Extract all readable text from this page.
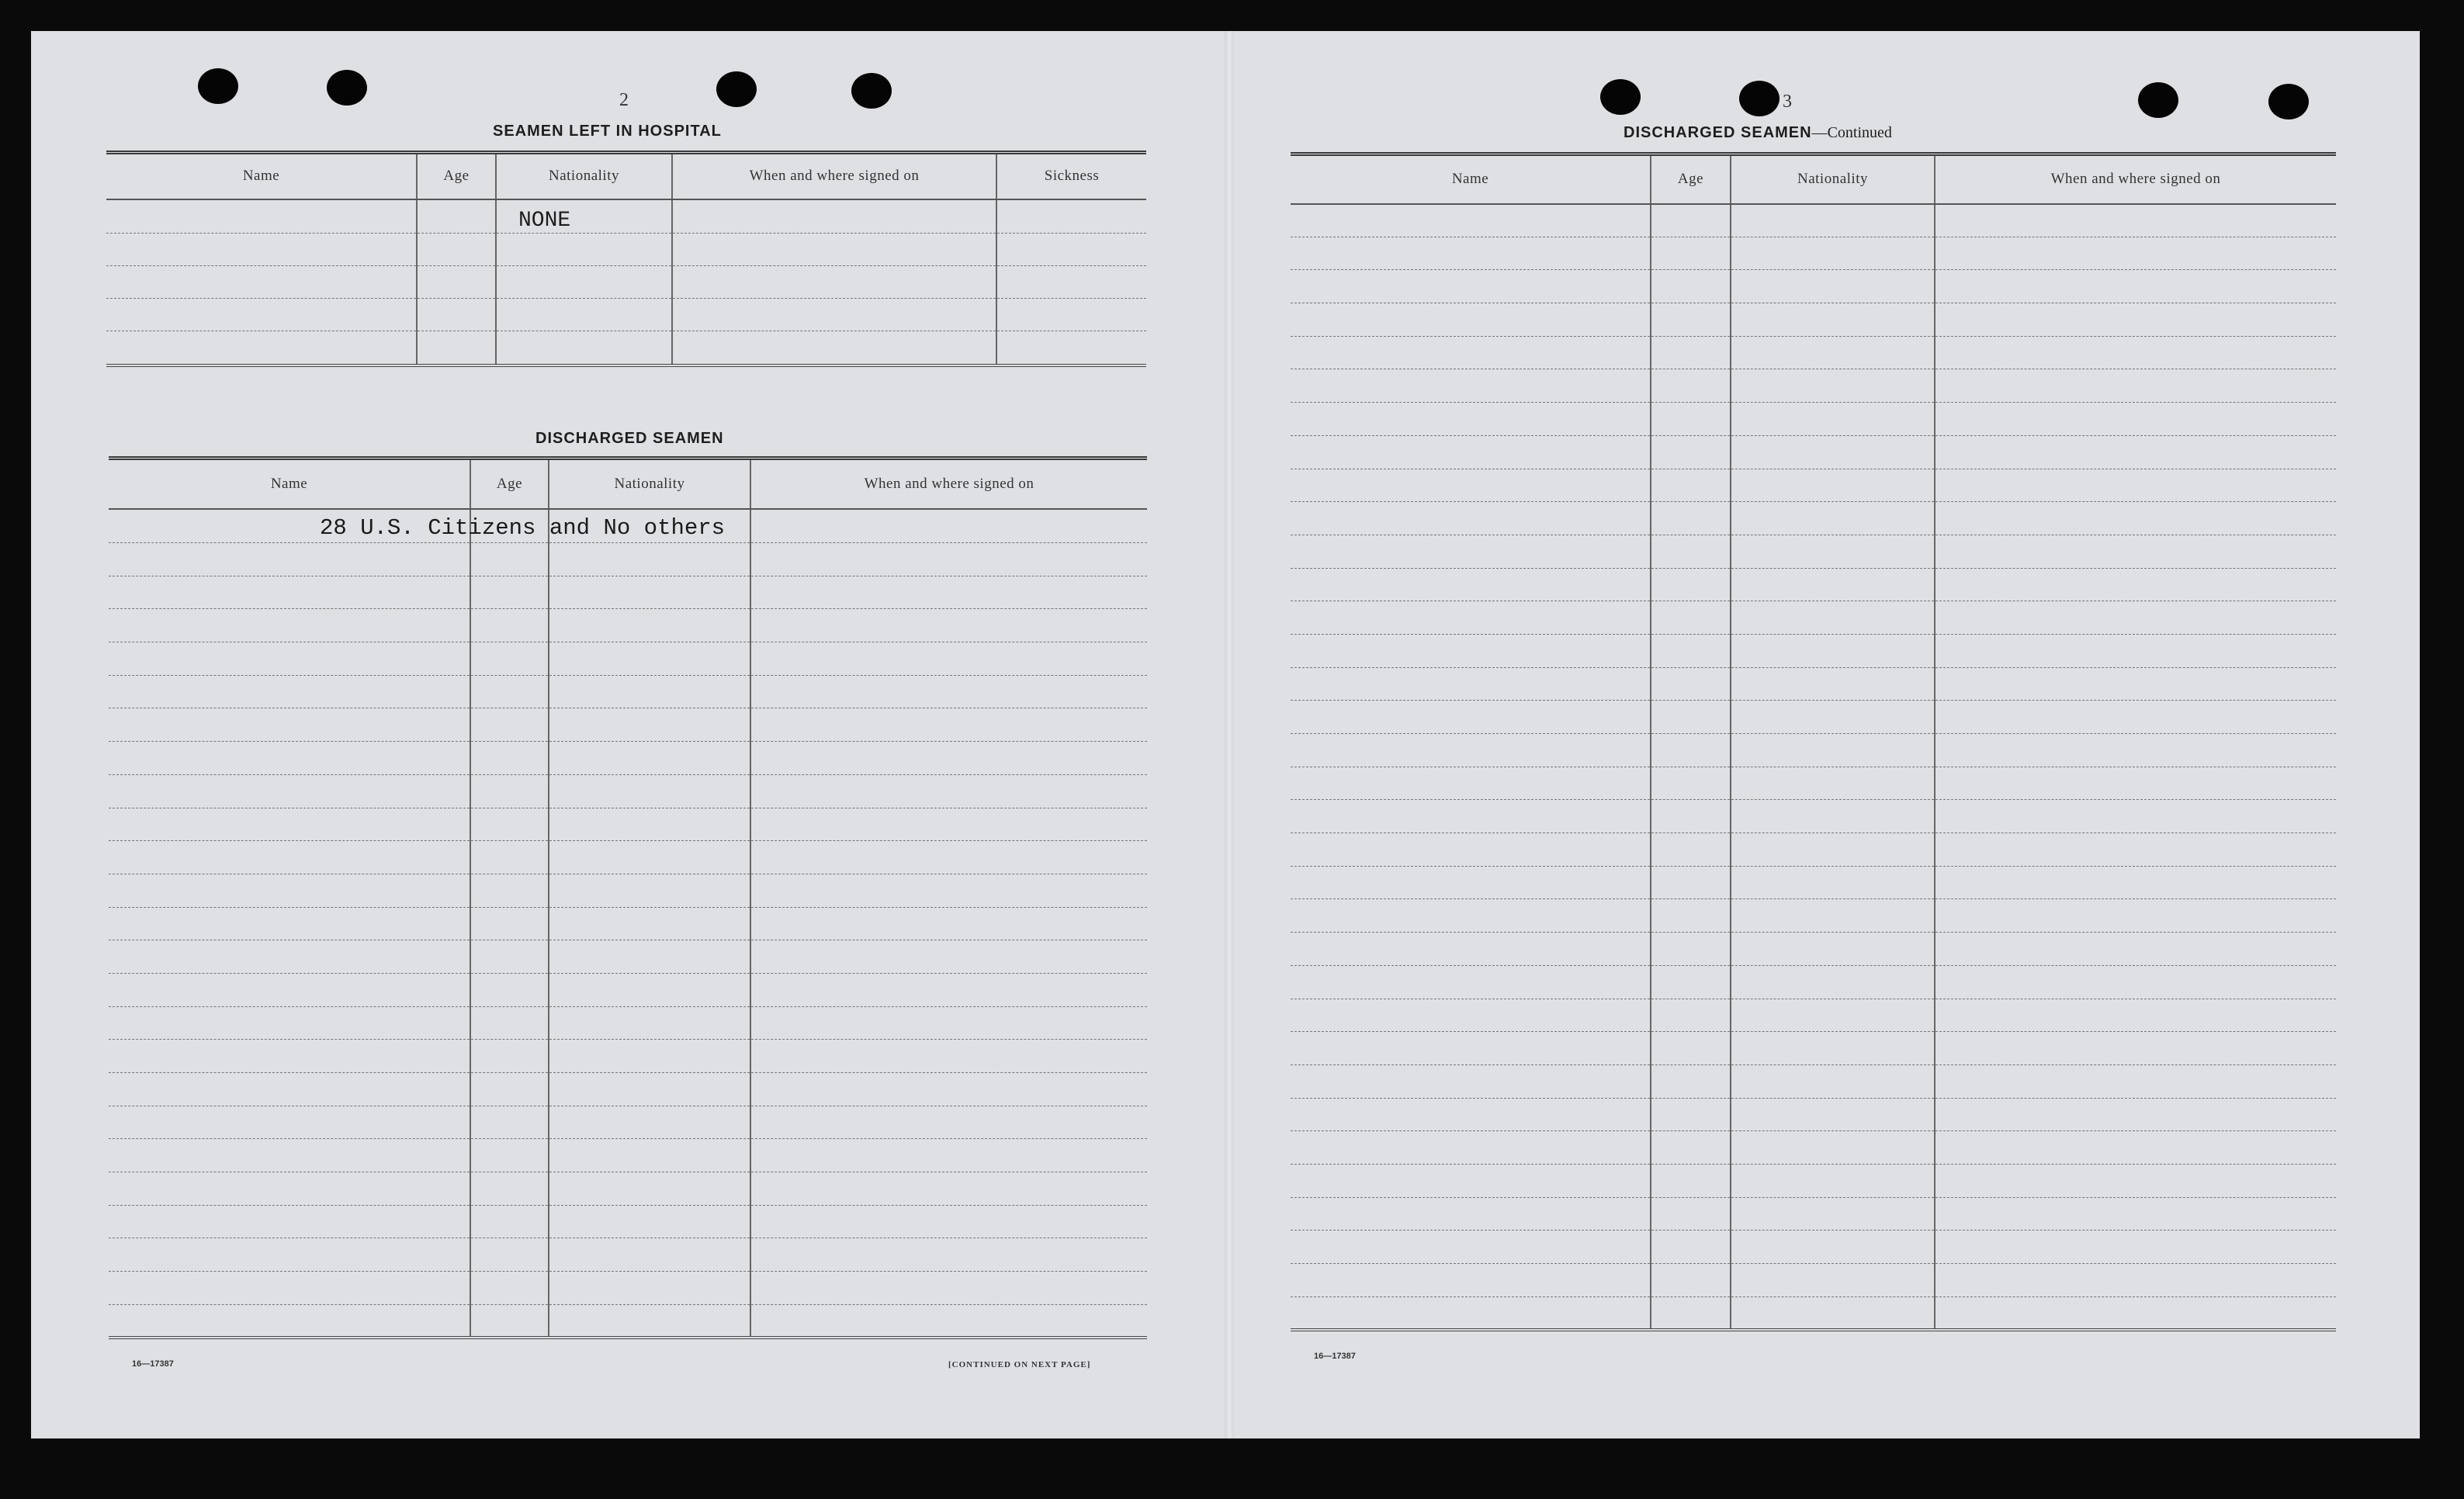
2
SEAMEN LEFT IN HOSPITAL
Name	Age	Nationality	When and where signed on	Sickness
		NONE		

DISCHARGED SEAMEN
Name	Age	Nationality	When and where signed on

28 U.S. Citizens and No others			

16—17387	[CONTINUED ON NEXT PAGE]
3
DISCHARGED SEAMEN—Continued
Name	Age	Nationality	When and where signed on

16—17387
